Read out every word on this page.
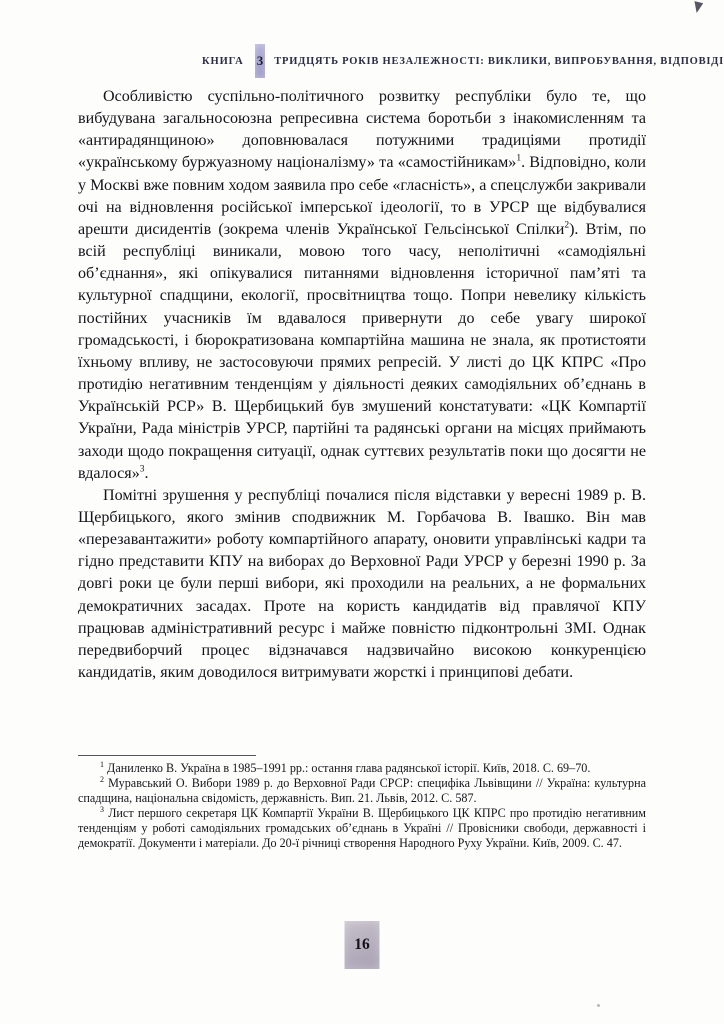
КНИГА 3 ТРИДЦЯТЬ РОКІВ НЕЗАЛЕЖНОСТІ: ВИКЛИКИ, ВИПРОБУВАННЯ, ВІДПОВІДІ

Особливістю суспільно-політичного розвитку республіки було те, що вибудувана загальносоюзна репресивна система боротьби з інакомисленням та «антирадянщиною» доповнювалася потужними традиціями протидії «українському буржуазному націоналізму» та «самостійникам»$^1$. Відповідно, коли у Москві вже повним ходом заявила про себе «гласність», а спецслужби закривали очі на відновлення російської імперської ідеології, то в УРСР ще відбувалися арешти дисидентів (зокрема членів Української Гельсінської Спілки$^2$). Втім, по всій республіці виникали, мовою того часу, неполітичні «самодіяльні об’єднання», які опікувалися питаннями відновлення історичної пам’яті та культурної спадщини, екології, просвітництва тощо. Попри невелику кількість постійних учасників їм вдавалося привернути до себе увагу широкої громадськості, і бюрократизована компартійна машина не знала, як протистояти їхньому впливу, не застосовуючи прямих репресій. У листі до ЦК КПРС «Про протидію негативним тенденціям у діяльності деяких самодіяльних об’єднань в Українській РСР» В. Щербицький був змушений констатувати: «ЦК Компартії України, Рада міністрів УРСР, партійні та радянські органи на місцях приймають заходи щодо покращення ситуації, однак суттєвих результатів поки що досягти не вдалося»$^3$.

Помітні зрушення у республіці почалися після відставки у вересні 1989 р. В. Щербицького, якого змінив сподвижник М. Горбачова В. Івашко. Він мав «перезавантажити» роботу компартійного апарату, оновити управлінські кадри та гідно представити КПУ на виборах до Верховної Ради УРСР у березні 1990 р. За довгі роки це були перші вибори, які проходили на реальних, а не формальних демократичних засадах. Проте на користь кандидатів від правлячої КПУ працював адміністративний ресурс і майже повністю підконтрольні ЗМІ. Однак передвиборчий процес відзначався надзвичайно високою конкуренцією кандидатів, яким доводилося витримувати жорсткі і принципові дебати.

$^1$ Даниленко В. Україна в 1985–1991 рр.: остання глава радянської історії. Київ, 2018. С. 69–70.

$^2$ Муравський О. Вибори 1989 р. до Верховної Ради СРСР: специфіка Львівщини // Україна: культурна спадщина, національна свідомість, державність. Вип. 21. Львів, 2012. С. 587.

$^3$ Лист першого секретаря ЦК Компартії України В. Щербицького ЦК КПРС про протидію негативним тенденціям у роботі самодіяльних громадських об’єднань в Україні // Провісники свободи, державності і демократії. Документи і матеріали. До 20-ї річниці створення Народного Руху України. Київ, 2009. С. 47.

16
